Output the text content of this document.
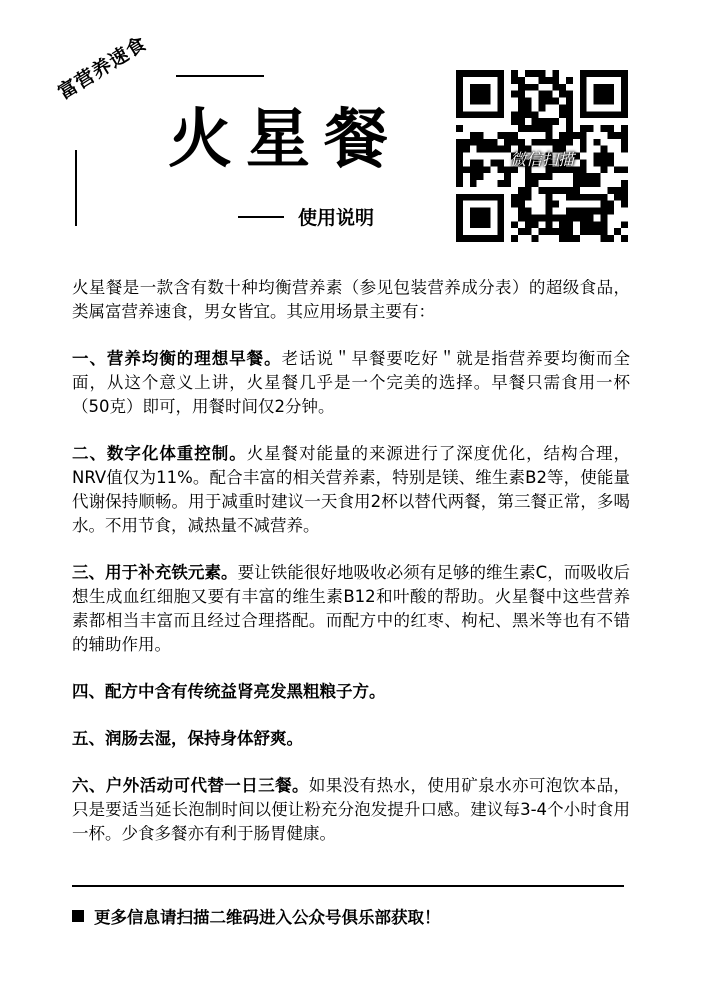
富营养速食
火星餐
使用说明
微信扫描

火星餐是一款含有数十种均衡营养素（参见包装营养成分表）的超级食品，类属富营养速食，男女皆宜。其应用场景主要有：

一、营养均衡的理想早餐。老话说＂早餐要吃好＂就是指营养要均衡而全面，从这个意义上讲，火星餐几乎是一个完美的选择。早餐只需食用一杯（50克）即可，用餐时间仅2分钟。

二、数字化体重控制。火星餐对能量的来源进行了深度优化，结构合理，NRV值仅为11%。配合丰富的相关营养素，特别是镁、维生素B2等，使能量代谢保持顺畅。用于减重时建议一天食用2杯以替代两餐，第三餐正常，多喝水。不用节食，减热量不减营养。

三、用于补充铁元素。要让铁能很好地吸收必须有足够的维生素C，而吸收后想生成血红细胞又要有丰富的维生素B12和叶酸的帮助。火星餐中这些营养素都相当丰富而且经过合理搭配。而配方中的红枣、枸杞、黑米等也有不错的辅助作用。

四、配方中含有传统益肾亮发黑粗粮子方。

五、润肠去湿，保持身体舒爽。

六、户外活动可代替一日三餐。如果没有热水，使用矿泉水亦可泡饮本品，只是要适当延长泡制时间以便让粉充分泡发提升口感。建议每3-4个小时食用一杯。少食多餐亦有利于肠胃健康。

更多信息请扫描二维码进入公众号俱乐部获取！
